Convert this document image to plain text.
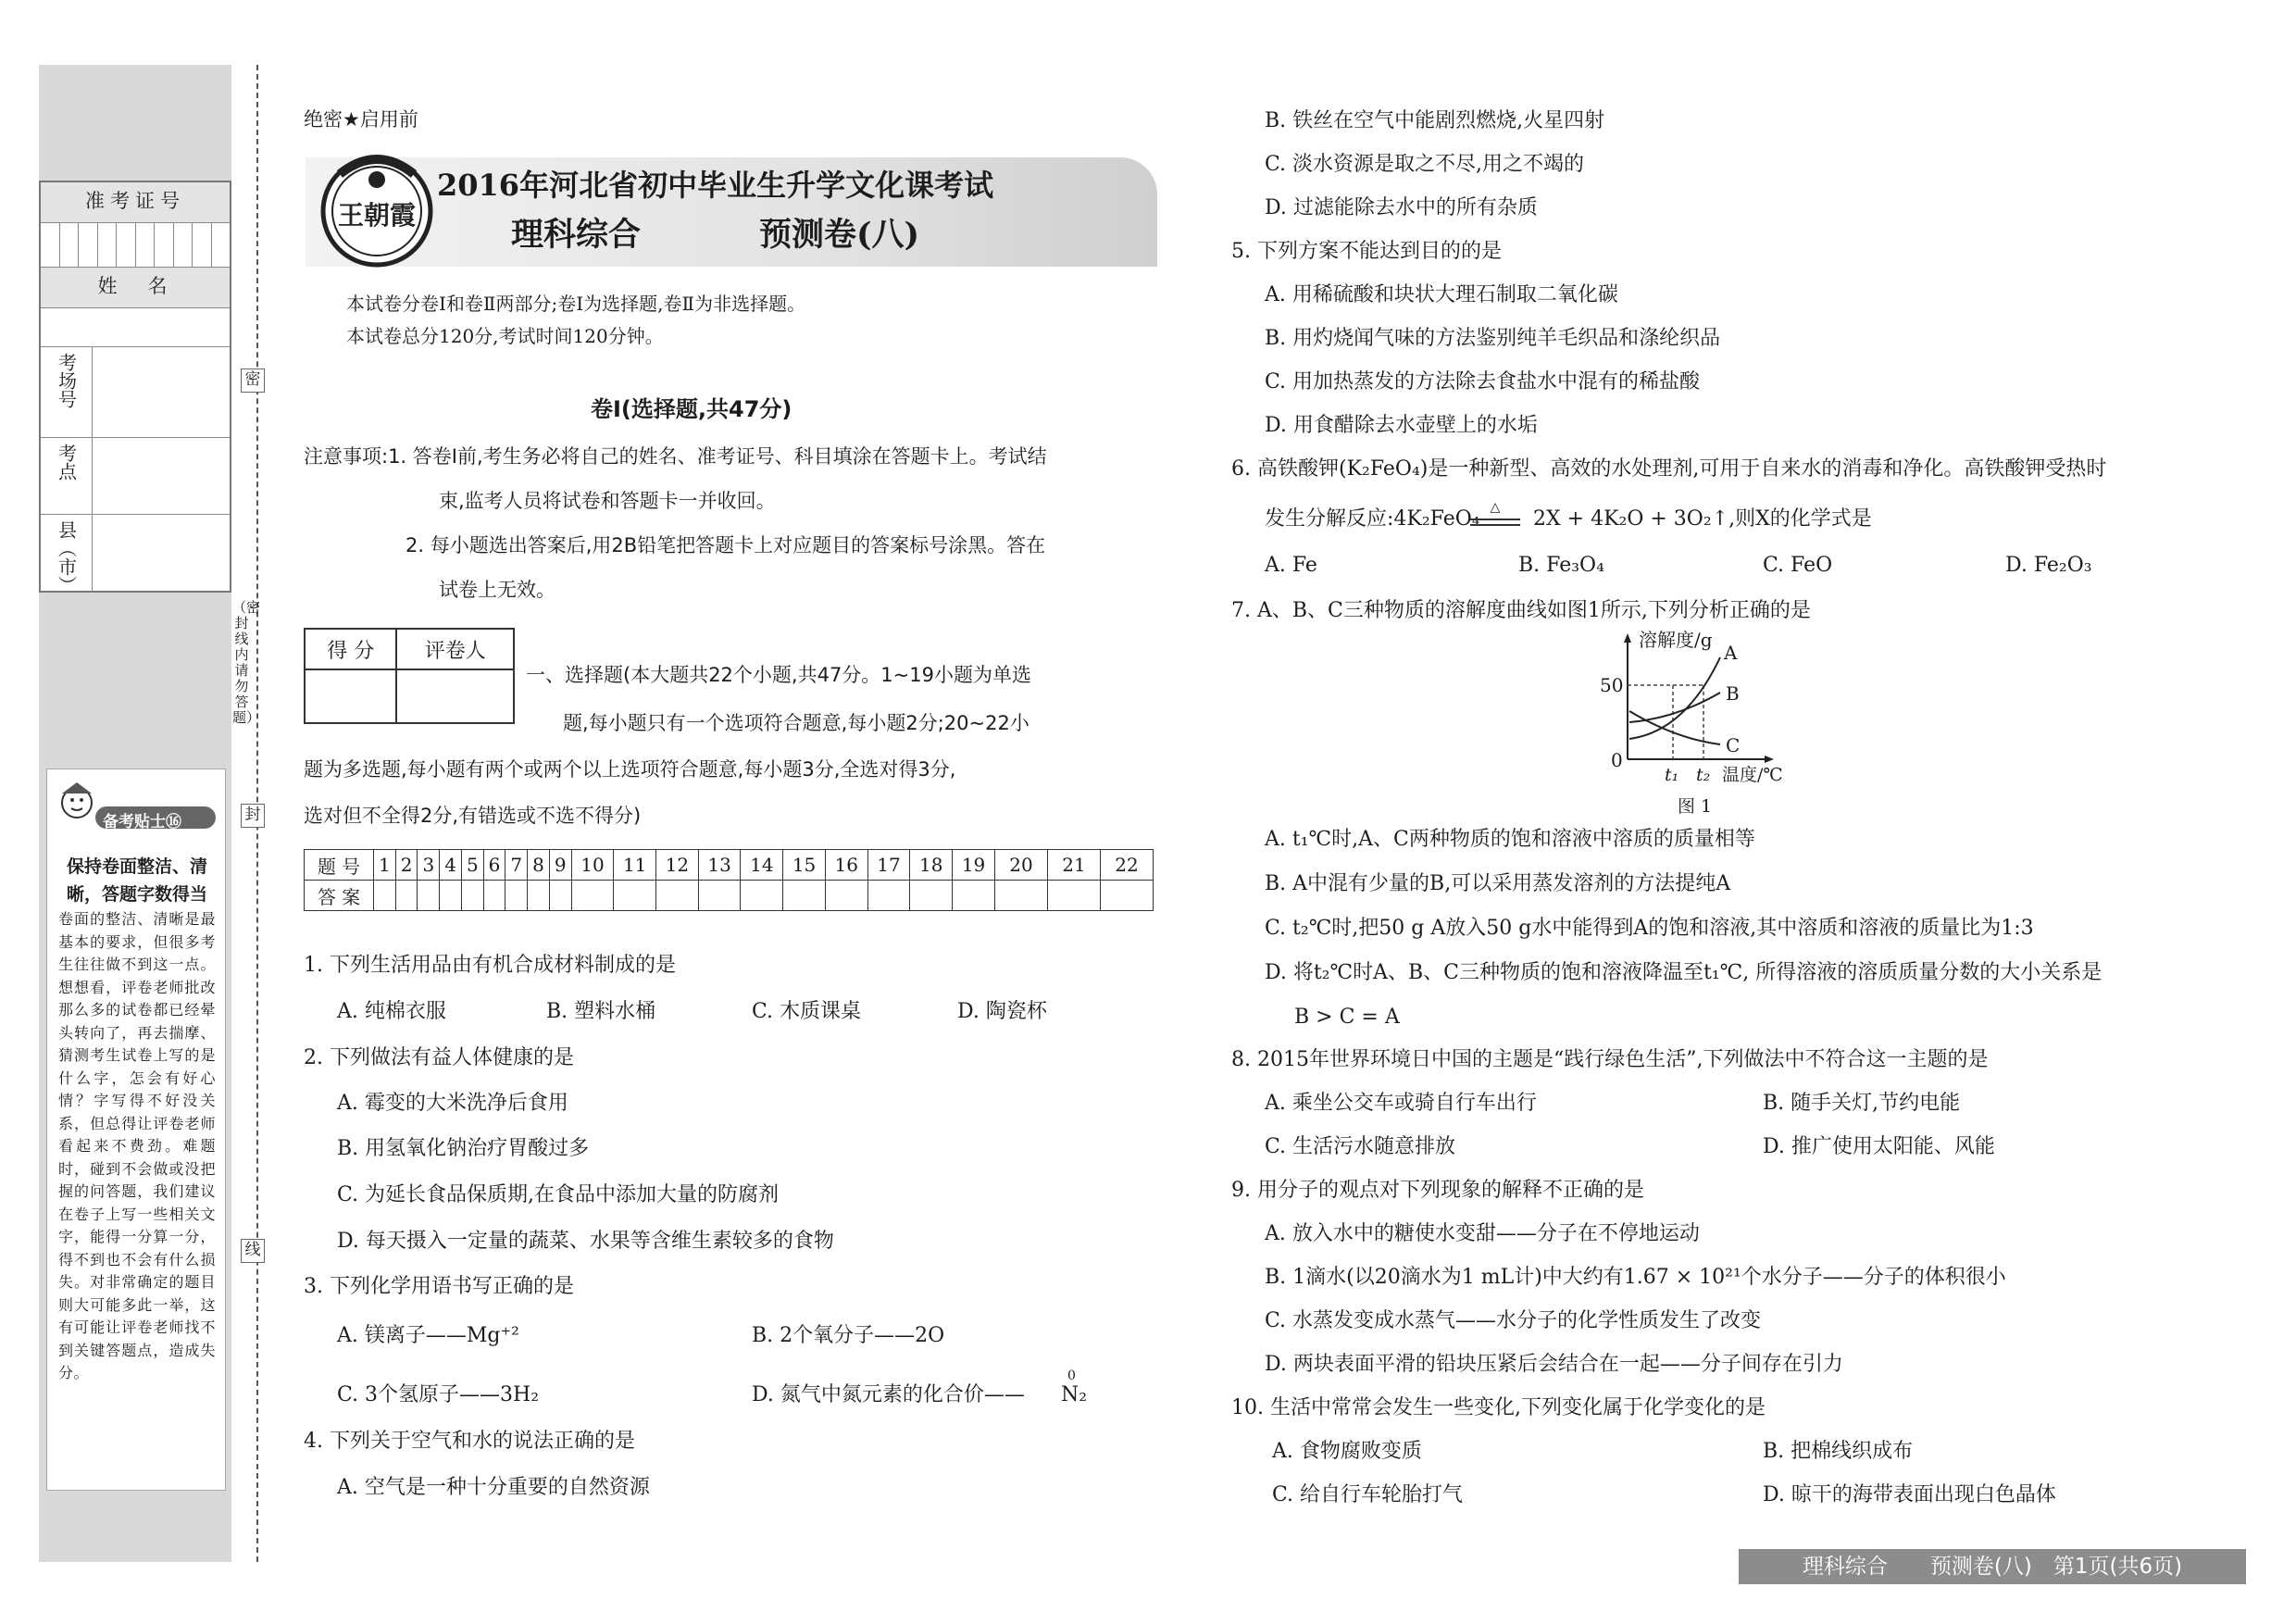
准考证号
姓　名
考场号
考点
县（市）
备考贴士⑯
保持卷面整洁、清晰，答题字数得当
卷面的整洁、清晰是最基本的要求，但很多考生往往做不到这一点。想想看，评卷老师批改那么多的试卷都已经晕头转向了，再去揣摩、猜测考生试卷上写的是什么字，怎会有好心情？字写得不好没关系，但总得让评卷老师看起来不费劲。难题时，碰到不会做或没把握的问答题，我们建议在卷子上写一些相关文字，能得一分算一分，得不到也不会有什么损失。对非常确定的题目则大可能多此一举，这有可能让评卷老师找不到关键答题点，造成失分。
密
封
线
（密封线内请勿答题）
绝密★启用前
王朝霞
2016年河北省初中毕业生升学文化课考试
理科综合	预测卷(八)
本试卷分卷Ⅰ和卷Ⅱ两部分;卷Ⅰ为选择题,卷Ⅱ为非选择题。
本试卷总分120分,考试时间120分钟。
卷Ⅰ(选择题,共47分)
注意事项:1. 答卷Ⅰ前,考生务必将自己的姓名、准考证号、科目填涂在答题卡上。考试结
束,监考人员将试卷和答题卡一并收回。
2. 每小题选出答案后,用2B铅笔把答题卡上对应题目的答案标号涂黑。答在
试卷上无效。
得 分	评卷人

一、选择题(本大题共22个小题,共47分。1~19小题为单选
题,每小题只有一个选项符合题意,每小题2分;20~22小
题为多选题,每小题有两个或两个以上选项符合题意,每小题3分,全选对得3分,
选对但不全得2分,有错选或不选不得分)
题 号	1	2	3	4	5	6	7	8	9	10	11	12	13	14	15	16	17	18	19	20	21	22
答 案																						
1. 下列生活用品由有机合成材料制成的是
A. 纯棉衣服	B. 塑料水桶	C. 木质课桌	D. 陶瓷杯
2. 下列做法有益人体健康的是
A. 霉变的大米洗净后食用
B. 用氢氧化钠治疗胃酸过多
C. 为延长食品保质期,在食品中添加大量的防腐剂
D. 每天摄入一定量的蔬菜、水果等含维生素较多的食物
3. 下列化学用语书写正确的是
A. 镁离子——Mg⁺²	B. 2个氧分子——2O
C. 3个氢原子——3H₂	D. 氮气中氮元素的化合价——
0
N₂
4. 下列关于空气和水的说法正确的是
A. 空气是一种十分重要的自然资源
B. 铁丝在空气中能剧烈燃烧,火星四射
C. 淡水资源是取之不尽,用之不竭的
D. 过滤能除去水中的所有杂质
5. 下列方案不能达到目的的是
A. 用稀硫酸和块状大理石制取二氧化碳
B. 用灼烧闻气味的方法鉴别纯羊毛织品和涤纶织品
C. 用加热蒸发的方法除去食盐水中混有的稀盐酸
D. 用食醋除去水壶壁上的水垢
6. 高铁酸钾(K₂FeO₄)是一种新型、高效的水处理剂,可用于自来水的消毒和净化。高铁酸钾受热时
发生分解反应:4K₂FeO₄ △	2X + 4K₂O + 3O₂↑,则X的化学式是
A. Fe	B. Fe₃O₄	C. FeO	D. Fe₂O₃
7. A、B、C三种物质的溶解度曲线如图1所示,下列分析正确的是
溶解度/g
A
B
C
50
0
t₁ t₂ 温度/℃
图 1
A. t₁℃时,A、C两种物质的饱和溶液中溶质的质量相等
B. A中混有少量的B,可以采用蒸发溶剂的方法提纯A
C. t₂℃时,把50 g A放入50 g水中能得到A的饱和溶液,其中溶质和溶液的质量比为1:3
D. 将t₂℃时A、B、C三种物质的饱和溶液降温至t₁℃, 所得溶液的溶质质量分数的大小关系是
B > C = A
8. 2015年世界环境日中国的主题是“践行绿色生活”,下列做法中不符合这一主题的是
A. 乘坐公交车或骑自行车出行	B. 随手关灯,节约电能
C. 生活污水随意排放	D. 推广使用太阳能、风能
9. 用分子的观点对下列现象的解释不正确的是
A. 放入水中的糖使水变甜——分子在不停地运动
B. 1滴水(以20滴水为1 mL计)中大约有1.67 × 10²¹个水分子——分子的体积很小
C. 水蒸发变成水蒸气——水分子的化学性质发生了改变
D. 两块表面平滑的铅块压紧后会结合在一起——分子间存在引力
10. 生活中常常会发生一些变化,下列变化属于化学变化的是
A. 食物腐败变质	B. 把棉线织成布
C. 给自行车轮胎打气	D. 晾干的海带表面出现白色晶体
理科综合　　预测卷(八)　第1页(共6页)
